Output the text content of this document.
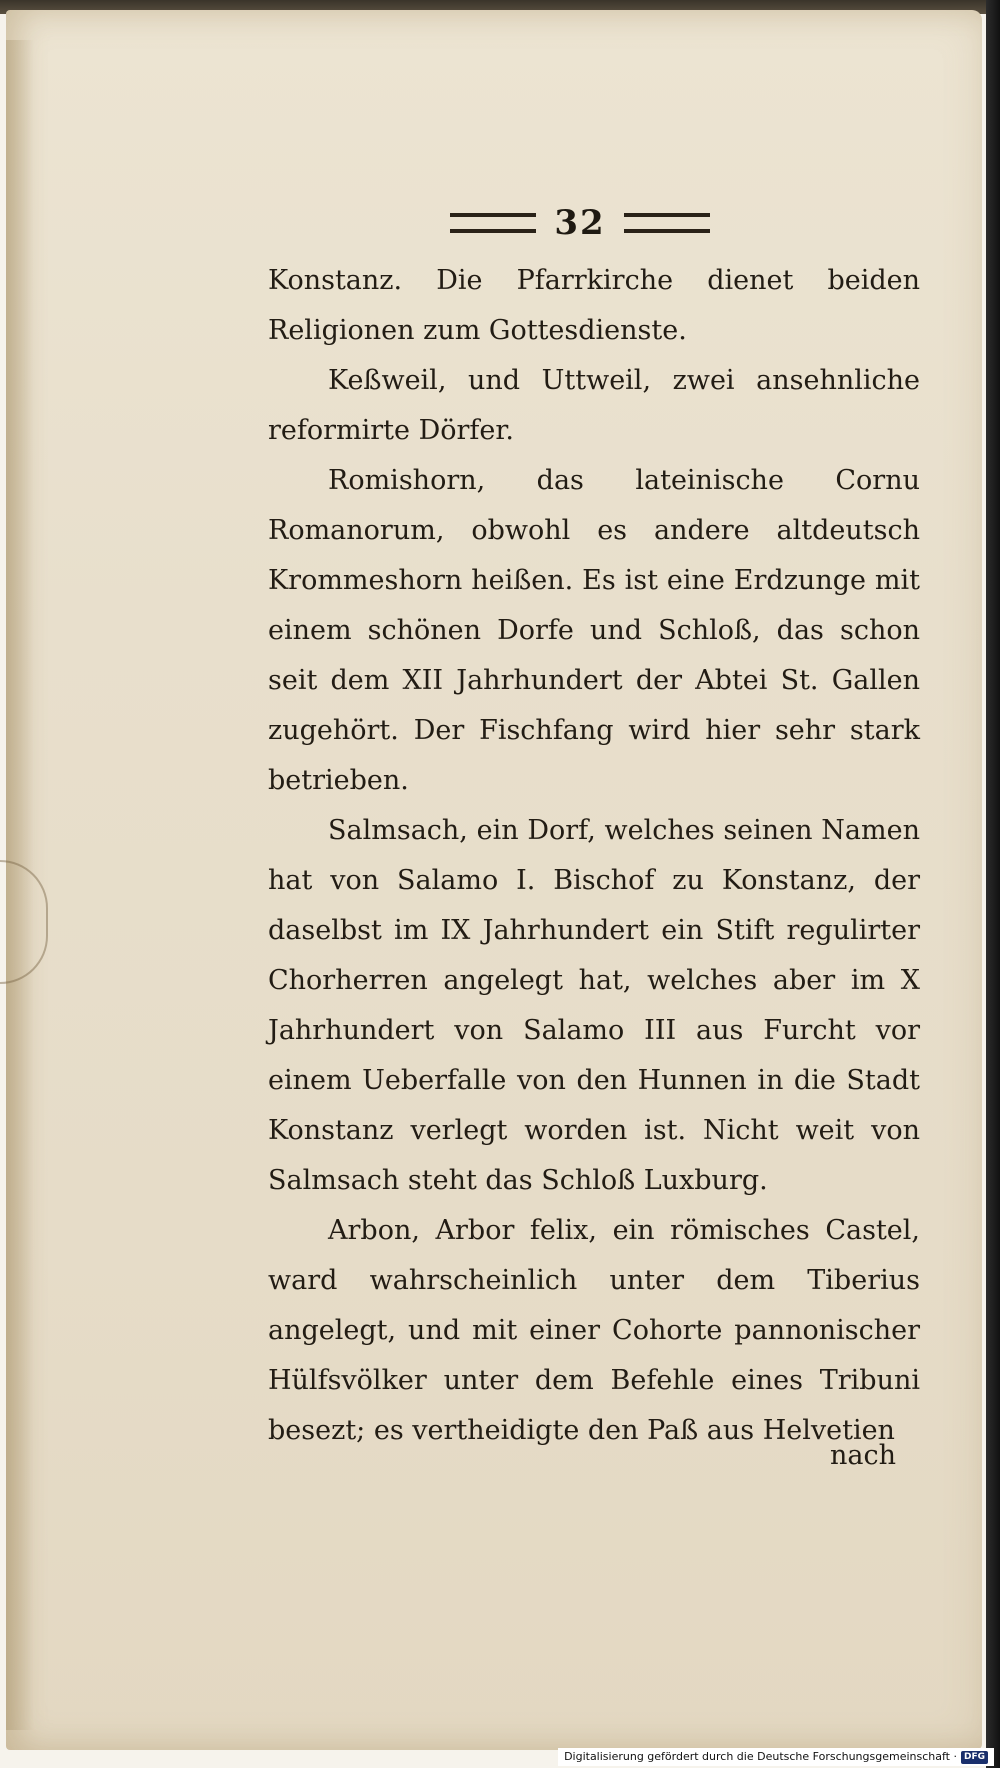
32

Konstanz. Die Pfarrkirche dienet beiden Religionen zum Gottesdienste.

Keßweil, und Uttweil, zwei ansehnliche reformirte Dörfer.

Romishorn, das lateinische Cornu Romanorum, obwohl es andere altdeutsch Krommeshorn heißen. Es ist eine Erdzunge mit einem schönen Dorfe und Schloß, das schon seit dem XII Jahrhundert der Abtei St. Gallen zugehört. Der Fischfang wird hier sehr stark betrieben.

Salmsach, ein Dorf, welches seinen Namen hat von Salamo I. Bischof zu Konstanz, der daselbst im IX Jahrhundert ein Stift regulirter Chorherren angelegt hat, welches aber im X Jahrhundert von Salamo III aus Furcht vor einem Ueberfalle von den Hunnen in die Stadt Konstanz verlegt worden ist. Nicht weit von Salmsach steht das Schloß Luxburg.

Arbon, Arbor felix, ein römisches Castel, ward wahrscheinlich unter dem Tiberius angelegt, und mit einer Cohorte pannonischer Hülfsvölker unter dem Befehle eines Tribuni besezt; es vertheidigte den Paß aus Helvetien

nach
Digitalisierung gefördert durch die Deutsche Forschungsgemeinschaft · DFG
